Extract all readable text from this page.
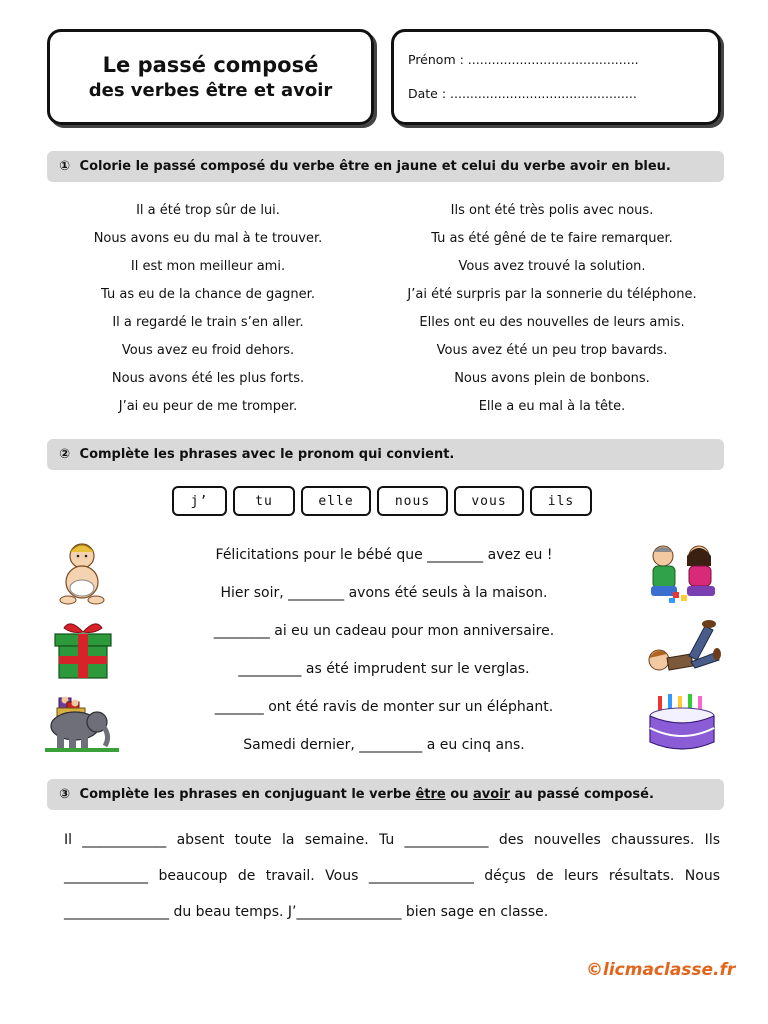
Le passé composé
des verbes être et avoir
Prénom : ...........................................
Date : ...............................................
① Colorie le passé composé du verbe être en jaune et celui du verbe avoir en bleu.
Il a été trop sûr de lui.
Nous avons eu du mal à te trouver.
Il est mon meilleur ami.
Tu as eu de la chance de gagner.
Il a regardé le train s’en aller.
Vous avez eu froid dehors.
Nous avons été les plus forts.
J’ai eu peur de me tromper.
Ils ont été très polis avec nous.
Tu as été gêné de te faire remarquer.
Vous avez trouvé la solution.
J’ai été surpris par la sonnerie du téléphone.
Elles ont eu des nouvelles de leurs amis.
Vous avez été un peu trop bavards.
Nous avons plein de bonbons.
Elle a eu mal à la tête.
② Complète les phrases avec le pronom qui convient.
j’	tu	elle	nous	vous	ils
Félicitations pour le bébé que ________ avez eu !
Hier soir, ________ avons été seuls à la maison.
________ ai eu un cadeau pour mon anniversaire.
_________ as été imprudent sur le verglas.
_______ ont été ravis de monter sur un éléphant.
Samedi dernier, _________ a eu cinq ans.
③ Complète les phrases en conjuguant le verbe être ou avoir au passé composé.
Il ____________ absent toute la semaine. Tu ____________ des nouvelles chaussures. Ils ____________ beaucoup de travail. Vous _______________ déçus de leurs résultats. Nous _______________ du beau temps. J’_______________ bien sage en classe.
©licmaclasse.fr
